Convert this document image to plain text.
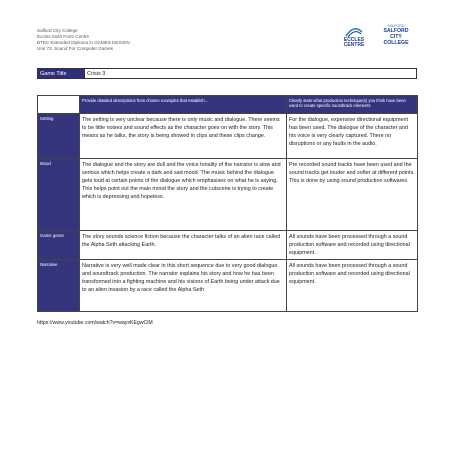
Salford City College
Eccles Sixth Form Centre
BTEC Extended Diploma in GAMES DESIGN
Unit 73. Sound For Computer Games
ECCLES
CENTRE
SALFORD
SALFORD
CITY
COLLEGE
Game Title	Crisis 3
	Provide detailed descriptions from chosen examples that establish...	Clearly state what production technique(s) you think have been used to create specific soundtrack elements
Setting	The setting is very unclear because there is only music and dialogue. There seems to be little noises and sound effects as the character goes on with the story. This means as he talks, the story is being showed in clips and these clips change.	For the dialogue, expensive directional equipment has been used. The dialogue of the character and his voice is very clearly captured. There no disruptions or any faults in the audio.
Mood	The dialogue and the story are dull and the voice tonality of the narrator is slow and serious which helps create a dark and sad mood. The music behind the dialogue gets loud at certain points of the dialogue which emphasises on what he is saying. This helps point out the main mood the story and the cutscene is trying to create which is depressing and hopeless.	Pre recorded sound tracks have been used and the sound tracks get louder and softer at different points. This is done by using sound production softwares.
Game genre	The story sounds science fiction because the character talks of an alien race called the Alpha Seth attacking Earth.	All sounds have been processed through a sound production software and recorded using directional equipment.
Narrative	Narrative is very well made clear in this short sequence due to very good dialogue and soundtrack production. The narrator explains his story and how he has been transformed into a fighting machine and his visions of Earth being under attack due to an alien invasion by a race called the Alpha Seth	All sounds have been processed through a sound production software and recorded using directional equipment.
https://www.youtube.com/watch?v=waysKEgwCiM
